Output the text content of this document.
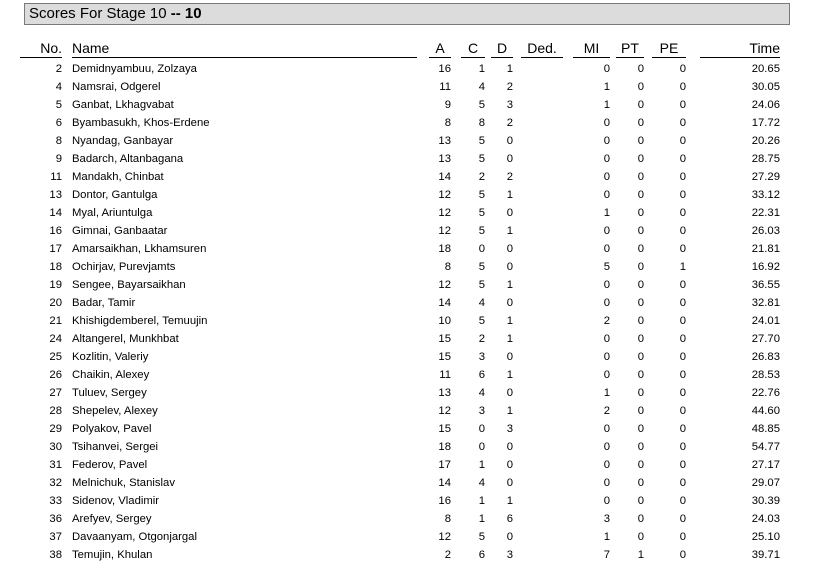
Scores For Stage 10 -- 10
No.		Name		A	C	D	Ded.	MI	PT	PE	Time

2		Demidnyambuu, Zolzaya		16	1	1		0	0	0	20.65
4		Namsrai, Odgerel		11	4	2		1	0	0	30.05
5		Ganbat, Lkhagvabat		9	5	3		1	0	0	24.06
6		Byambasukh, Khos-Erdene		8	8	2		0	0	0	17.72
8		Nyandag, Ganbayar		13	5	0		0	0	0	20.26
9		Badarch, Altanbagana		13	5	0		0	0	0	28.75
11		Mandakh, Chinbat		14	2	2		0	0	0	27.29
13		Dontor, Gantulga		12	5	1		0	0	0	33.12
14		Myal, Ariuntulga		12	5	0		1	0	0	22.31
16		Gimnai, Ganbaatar		12	5	1		0	0	0	26.03
17		Amarsaikhan, Lkhamsuren		18	0	0		0	0	0	21.81
18		Ochirjav, Purevjamts		8	5	0		5	0	1	16.92
19		Sengee, Bayarsaikhan		12	5	1		0	0	0	36.55
20		Badar, Tamir		14	4	0		0	0	0	32.81
21		Khishigdemberel, Temuujin		10	5	1		2	0	0	24.01
24		Altangerel, Munkhbat		15	2	1		0	0	0	27.70
25		Kozlitin, Valeriy		15	3	0		0	0	0	26.83
26		Chaikin, Alexey		11	6	1		0	0	0	28.53
27		Tuluev, Sergey		13	4	0		1	0	0	22.76
28		Shepelev, Alexey		12	3	1		2	0	0	44.60
29		Polyakov, Pavel		15	0	3		0	0	0	48.85
30		Tsihanvei, Sergei		18	0	0		0	0	0	54.77
31		Federov, Pavel		17	1	0		0	0	0	27.17
32		Melnichuk, Stanislav		14	4	0		0	0	0	29.07
33		Sidenov, Vladimir		16	1	1		0	0	0	30.39
36		Arefyev, Sergey		8	1	6		3	0	0	24.03
37		Davaanyam, Otgonjargal		12	5	0		1	0	0	25.10
38		Temujin, Khulan		2	6	3		7	1	0	39.71
